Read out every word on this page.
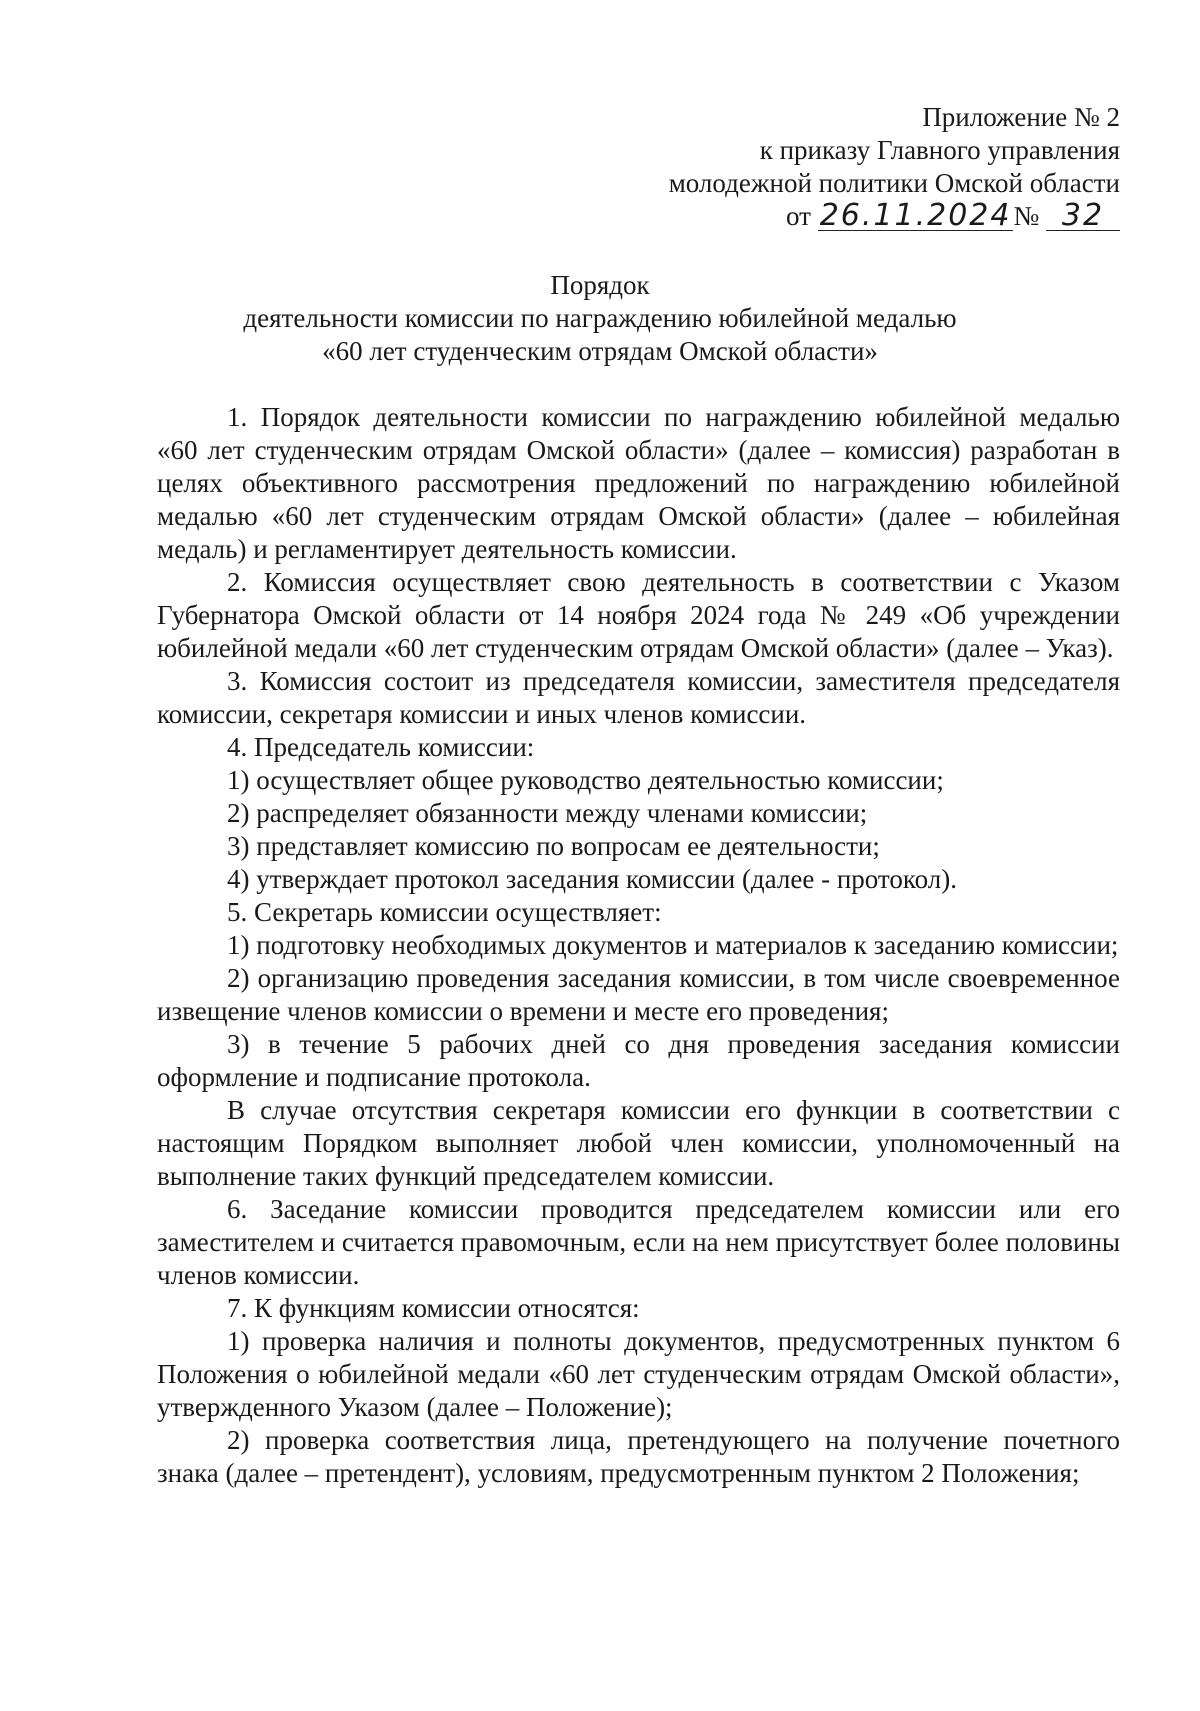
Приложение № 2
к приказу Главного управления
молодежной политики Омской области
от 26.11.2024№ 32
Порядок
деятельности комиссии по награждению юбилейной медалью
«60 лет студенческим отрядам Омской области»

1. Порядок деятельности комиссии по награждению юбилейной медалью «60 лет студенческим отрядам Омской области» (далее – комиссия) разработан в целях объективного рассмотрения предложений по награждению юбилейной медалью «60 лет студенческим отрядам Омской области» (далее – юбилейная медаль) и регламентирует деятельность комиссии.

2. Комиссия осуществляет свою деятельность в соответствии с Указом Губернатора Омской области от 14 ноября 2024 года № 249 «Об учреждении юбилейной медали «60 лет студенческим отрядам Омской области» (далее – Указ).

3. Комиссия состоит из председателя комиссии, заместителя председателя комиссии, секретаря комиссии и иных членов комиссии.

4. Председатель комиссии:

1) осуществляет общее руководство деятельностью комиссии;

2) распределяет обязанности между членами комиссии;

3) представляет комиссию по вопросам ее деятельности;

4) утверждает протокол заседания комиссии (далее - протокол).

5. Секретарь комиссии осуществляет:

1) подготовку необходимых документов и материалов к заседанию комиссии;

2) организацию проведения заседания комиссии, в том числе своевременное извещение членов комиссии о времени и месте его проведения;

3) в течение 5 рабочих дней со дня проведения заседания комиссии оформление и подписание протокола.

В случае отсутствия секретаря комиссии его функции в соответствии с настоящим Порядком выполняет любой член комиссии, уполномоченный на выполнение таких функций председателем комиссии.

6. Заседание комиссии проводится председателем комиссии или его заместителем и считается правомочным, если на нем присутствует более половины членов комиссии.

7. К функциям комиссии относятся:

1) проверка наличия и полноты документов, предусмотренных пунктом 6 Положения о юбилейной медали «60 лет студенческим отрядам Омской области», утвержденного Указом (далее – Положение);

2) проверка соответствия лица, претендующего на получение почетного знака (далее – претендент), условиям, предусмотренным пунктом 2 Положения;
